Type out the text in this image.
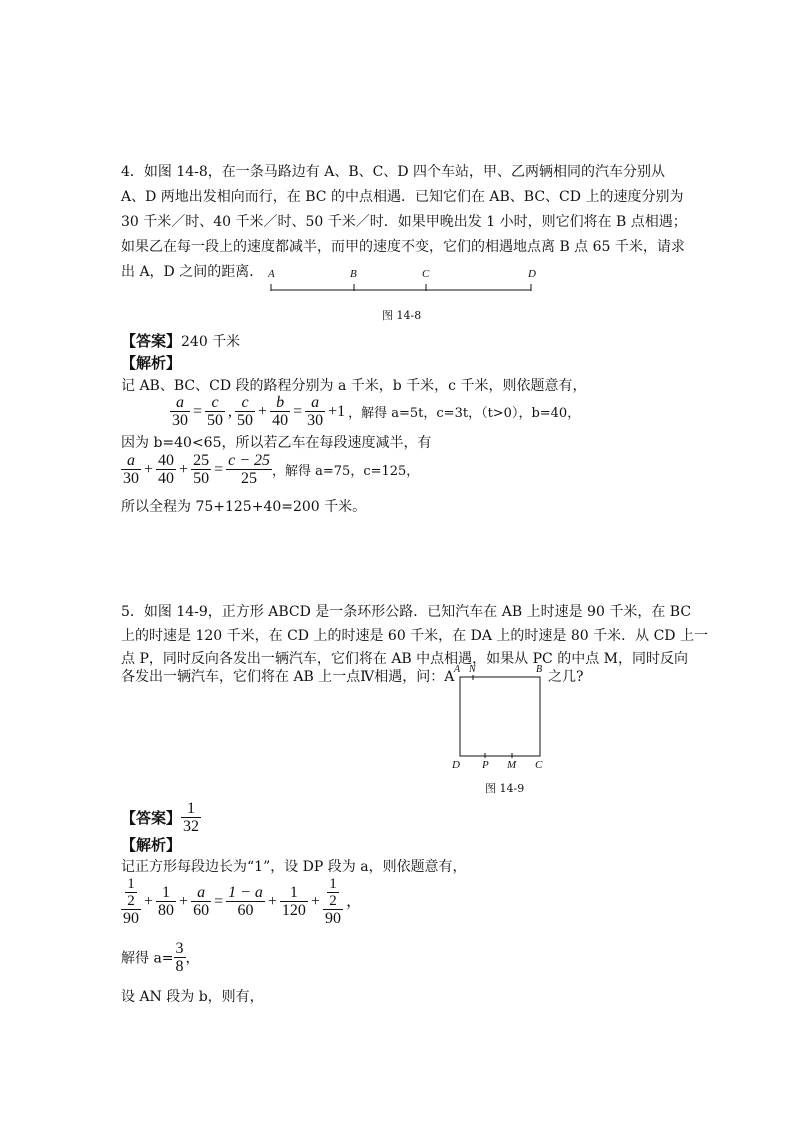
4．如图 14-8，在一条马路边有 A、B、C、D 四个车站，甲、乙两辆相同的汽车分别从
A、D 两地出发相向而行，在 BC 的中点相遇．已知它们在 AB、BC、CD 上的速度分别为
30 千米／时、40 千米／时、50 千米／时．如果甲晚出发 1 小时，则它们将在 B 点相遇；
如果乙在每一段上的速度都减半，而甲的速度不变，它们的相遇地点离 B 点 65 千米，请求
出 A，D 之间的距离． A	B	C	D
图 14-8
【答案】240 千米
【解析】
记 AB、BC、CD 段的路程分别为 a 千米，b 千米，c 千米，则依题意有，
$\frac{a}{30} = \frac{c}{50}$ , $\frac{c}{50} + \frac{b}{40} = \frac{a}{30} +1$ ，解得 a=5t，c=3t，（t>0），b=40，
因为 b=40<65，所以若乙车在每段速度减半，有
$\frac{a}{30} + \frac{40}{40} + \frac{25}{50} = \frac{c - 25}{25}$ ，解得 a=75，c=125，
所以全程为 75+125+40=200 千米。
5．如图 14-9，正方形 ABCD 是一条环形公路．已知汽车在 AB 上时速是 90 千米，在 BC
上的时速是 120 千米，在 CD 上的时速是 60 千米，在 DA 上的时速是 80 千米．从 CD 上一
点 P，同时反向各发出一辆汽车，它们将在 AB 中点相遇，如果从 PC 的中点 M，同时反向
各发出一辆汽车，它们将在 AB 上一点Ⅳ相遇，问：A	之几?
A N	B
D P M C
图 14-9
【答案】 $\frac{1}{32}$
【解析】
记正方形每段边长为“1”，设 DP 段为 a，则依题意有，
$\frac{\frac{1}{2}}{90} + \frac{1}{80} + \frac{a}{60} = \frac{1 - a}{60} + \frac{1}{120} + \frac{\frac{1}{2}}{90}$ ，
解得 $a= \frac{3}{8}$ ，
设 AN 段为 b，则有，
